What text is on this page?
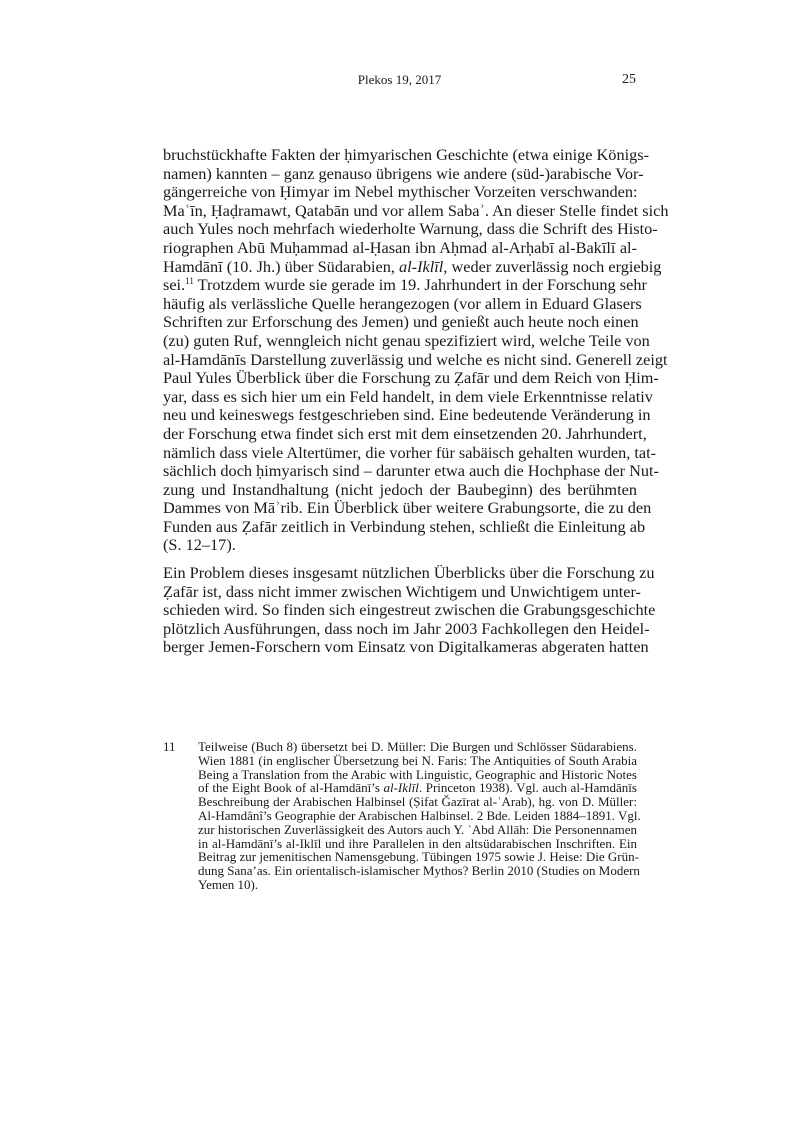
Plekos 19, 2017	25
bruchstückhafte Fakten der ḥimyarischen Geschichte (etwa einige Königs-
namen) kannten – ganz genauso übrigens wie andere (süd-)arabische Vor-
gängerreiche von Ḥimyar im Nebel mythischer Vorzeiten verschwanden:
Maʿīn, Ḥaḍramawt, Qatabān und vor allem Sabaʾ. An dieser Stelle findet sich
auch Yules noch mehrfach wiederholte Warnung, dass die Schrift des Histo-
riographen Abū Muḥammad al-Ḥasan ibn Aḥmad al-Arḥabī al-Bakīlī al-
Hamdānī (10. Jh.) über Südarabien, al-Iklīl, weder zuverlässig noch ergiebig
sei.$^{11}$ Trotzdem wurde sie gerade im 19. Jahrhundert in der Forschung sehr
häufig als verlässliche Quelle herangezogen (vor allem in Eduard Glasers
Schriften zur Erforschung des Jemen) und genießt auch heute noch einen
(zu) guten Ruf, wenngleich nicht genau spezifiziert wird, welche Teile von
al-Hamdānīs Darstellung zuverlässig und welche es nicht sind. Generell zeigt
Paul Yules Überblick über die Forschung zu Ẓafār und dem Reich von Ḥim-
yar, dass es sich hier um ein Feld handelt, in dem viele Erkenntnisse relativ
neu und keineswegs festgeschrieben sind. Eine bedeutende Veränderung in
der Forschung etwa findet sich erst mit dem einsetzenden 20. Jahrhundert,
nämlich dass viele Altertümer, die vorher für sabäisch gehalten wurden, tat-
sächlich doch ḥimyarisch sind – darunter etwa auch die Hochphase der Nut-
zung und Instandhaltung (nicht jedoch der Baubeginn) des berühmten
Dammes von Māʾrib. Ein Überblick über weitere Grabungsorte, die zu den
Funden aus Ẓafār zeitlich in Verbindung stehen, schließt die Einleitung ab
(S. 12–17).
Ein Problem dieses insgesamt nützlichen Überblicks über die Forschung zu
Ẓafār ist, dass nicht immer zwischen Wichtigem und Unwichtigem unter-
schieden wird. So finden sich eingestreut zwischen die Grabungsgeschichte
plötzlich Ausführungen, dass noch im Jahr 2003 Fachkollegen den Heidel-
berger Jemen-Forschern vom Einsatz von Digitalkameras abgeraten hatten
11 Teilweise (Buch 8) übersetzt bei D. Müller: Die Burgen und Schlösser Südarabiens.
Wien 1881 (in englischer Übersetzung bei N. Faris: The Antiquities of South Arabia
Being a Translation from the Arabic with Linguistic, Geographic and Historic Notes
of the Eight Book of al-Hamdānī’s al-Iklīl. Princeton 1938). Vgl. auch al-Hamdānīs
Beschreibung der Arabischen Halbinsel (Ṣifat Ǧazīrat al-ʿArab), hg. von D. Müller:
Al-Hamdânî’s Geographie der Arabischen Halbinsel. 2 Bde. Leiden 1884–1891. Vgl.
zur historischen Zuverlässigkeit des Autors auch Y. ʿAbd Allāh: Die Personennamen
in al-Hamdānī’s al-Iklīl und ihre Parallelen in den altsüdarabischen Inschriften. Ein
Beitrag zur jemenitischen Namensgebung. Tübingen 1975 sowie J. Heise: Die Grün-
dung Sana’as. Ein orientalisch-islamischer Mythos? Berlin 2010 (Studies on Modern
Yemen 10).
